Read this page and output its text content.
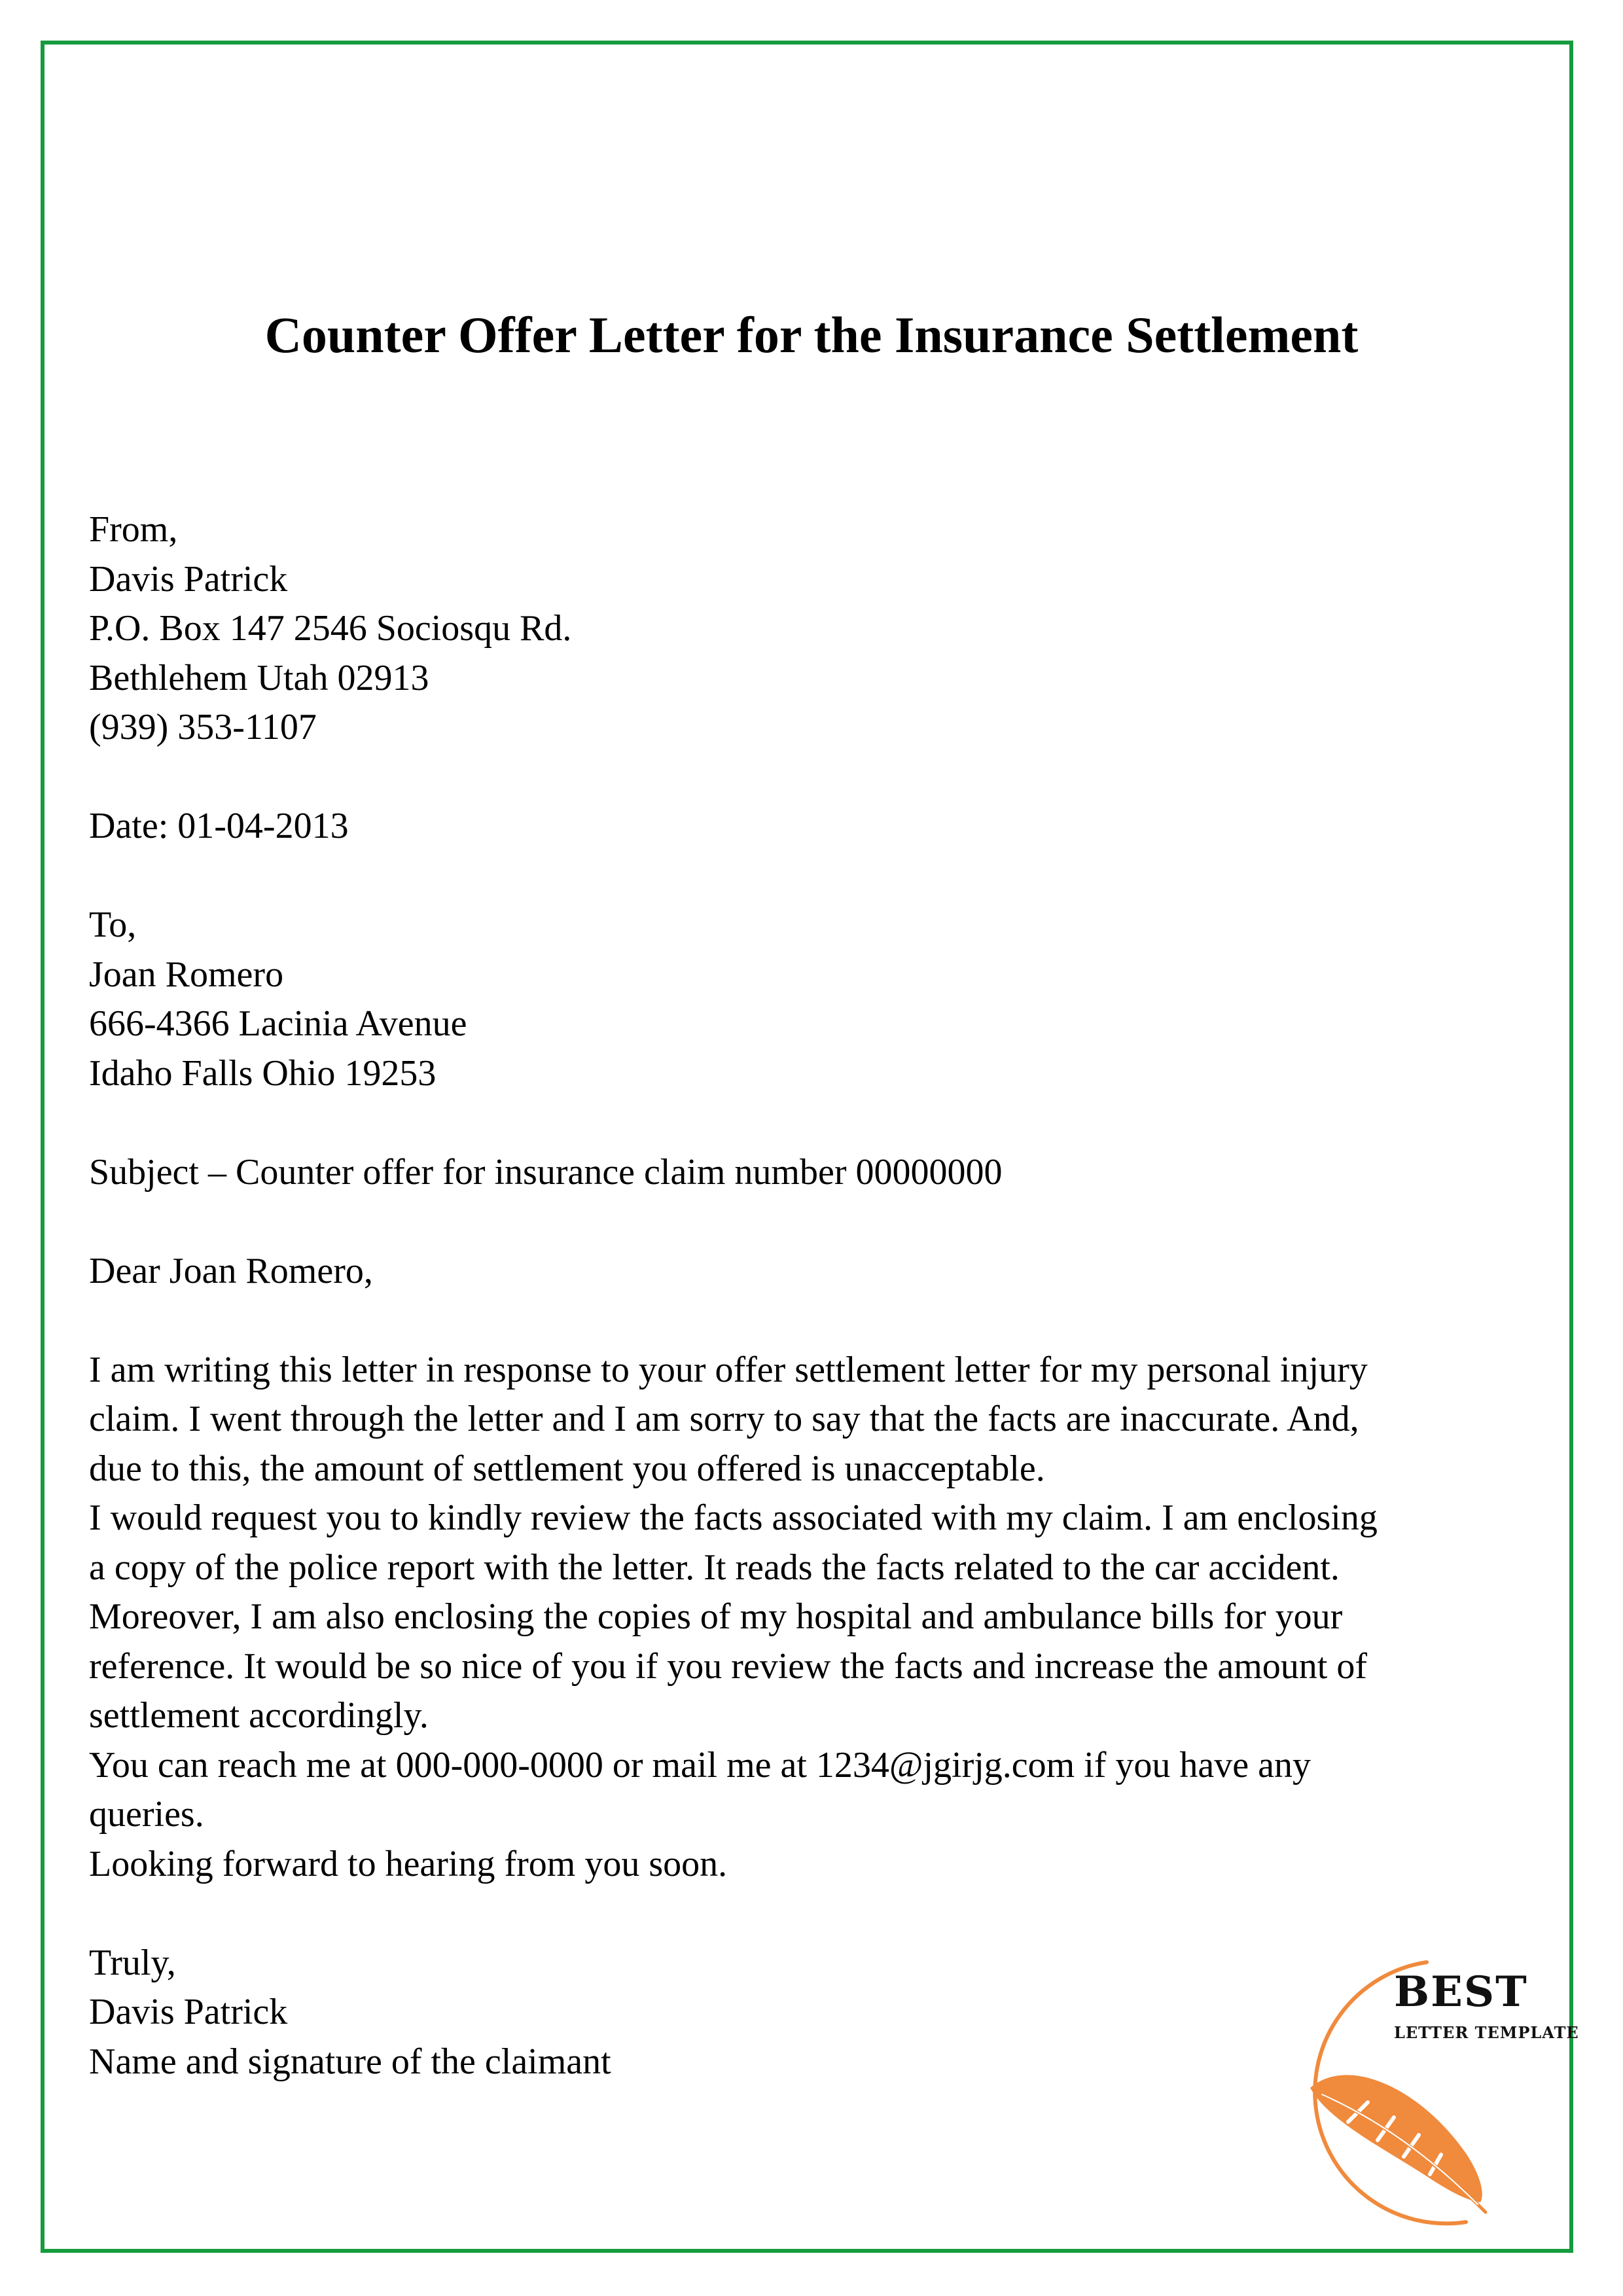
Counter Offer Letter for the Insurance Settlement
From,
Davis Patrick
P.O. Box 147 2546 Sociosqu Rd.
Bethlehem Utah 02913
(939) 353-1107
Date: 01-04-2013
To,
Joan Romero
666-4366 Lacinia Avenue
Idaho Falls Ohio 19253
Subject – Counter offer for insurance claim number 00000000
Dear Joan Romero,
I am writing this letter in response to your offer settlement letter for my personal injury
claim. I went through the letter and I am sorry to say that the facts are inaccurate. And,
due to this, the amount of settlement you offered is unacceptable.
I would request you to kindly review the facts associated with my claim. I am enclosing
a copy of the police report with the letter. It reads the facts related to the car accident.
Moreover, I am also enclosing the copies of my hospital and ambulance bills for your
reference. It would be so nice of you if you review the facts and increase the amount of
settlement accordingly.
You can reach me at 000-000-0000 or mail me at 1234@jgirjg.com if you have any
queries.
Looking forward to hearing from you soon.
Truly,
Davis Patrick
Name and signature of the claimant
BEST
LETTER TEMPLATE
